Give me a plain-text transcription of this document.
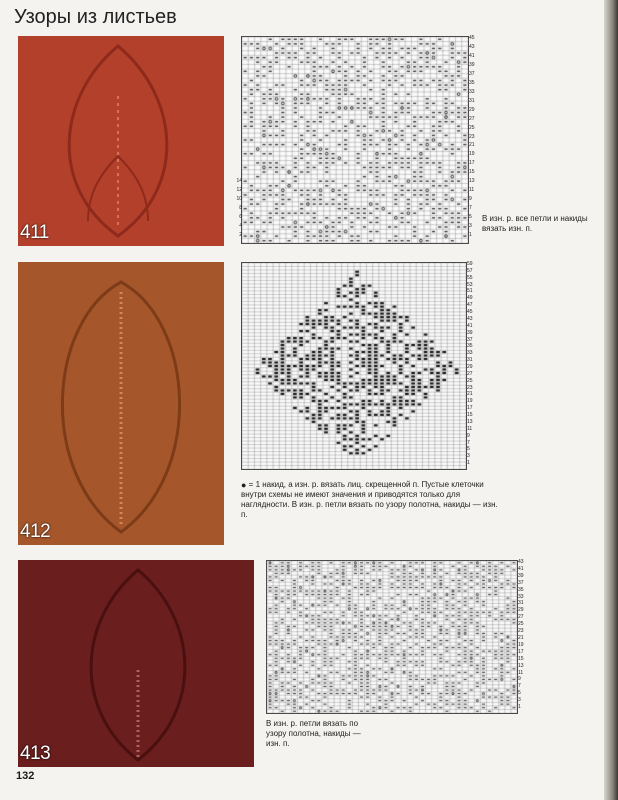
Узоры из листьев
411
45
43
41
39
37
35
33
31
29
27
25
23
21
19
17
15
13
11
9
7
5
3
1
14
12
10
8
6
4
2
В изн. р. все петли и накиды вязать изн. п.
412
59
57
55
53
51
49
47
45
43
41
39
37
35
33
31
29
27
25
23
21
19
17
15
13
11
9
7
5
3
1
● = 1 накид, а изн. р. вязать лиц. скрещенной п. Пустые клеточки внутри схемы не имеют значения и приводятся только для наглядности. В изн. р. петли вязать по узору полотна, накиды — изн. п.
413
43
41
39
37
35
33
31
29
27
25
23
21
19
17
15
13
11
9
7
5
3
1
В изн. р. петли вязать по узору полотна, накиды — изн. п.
132
